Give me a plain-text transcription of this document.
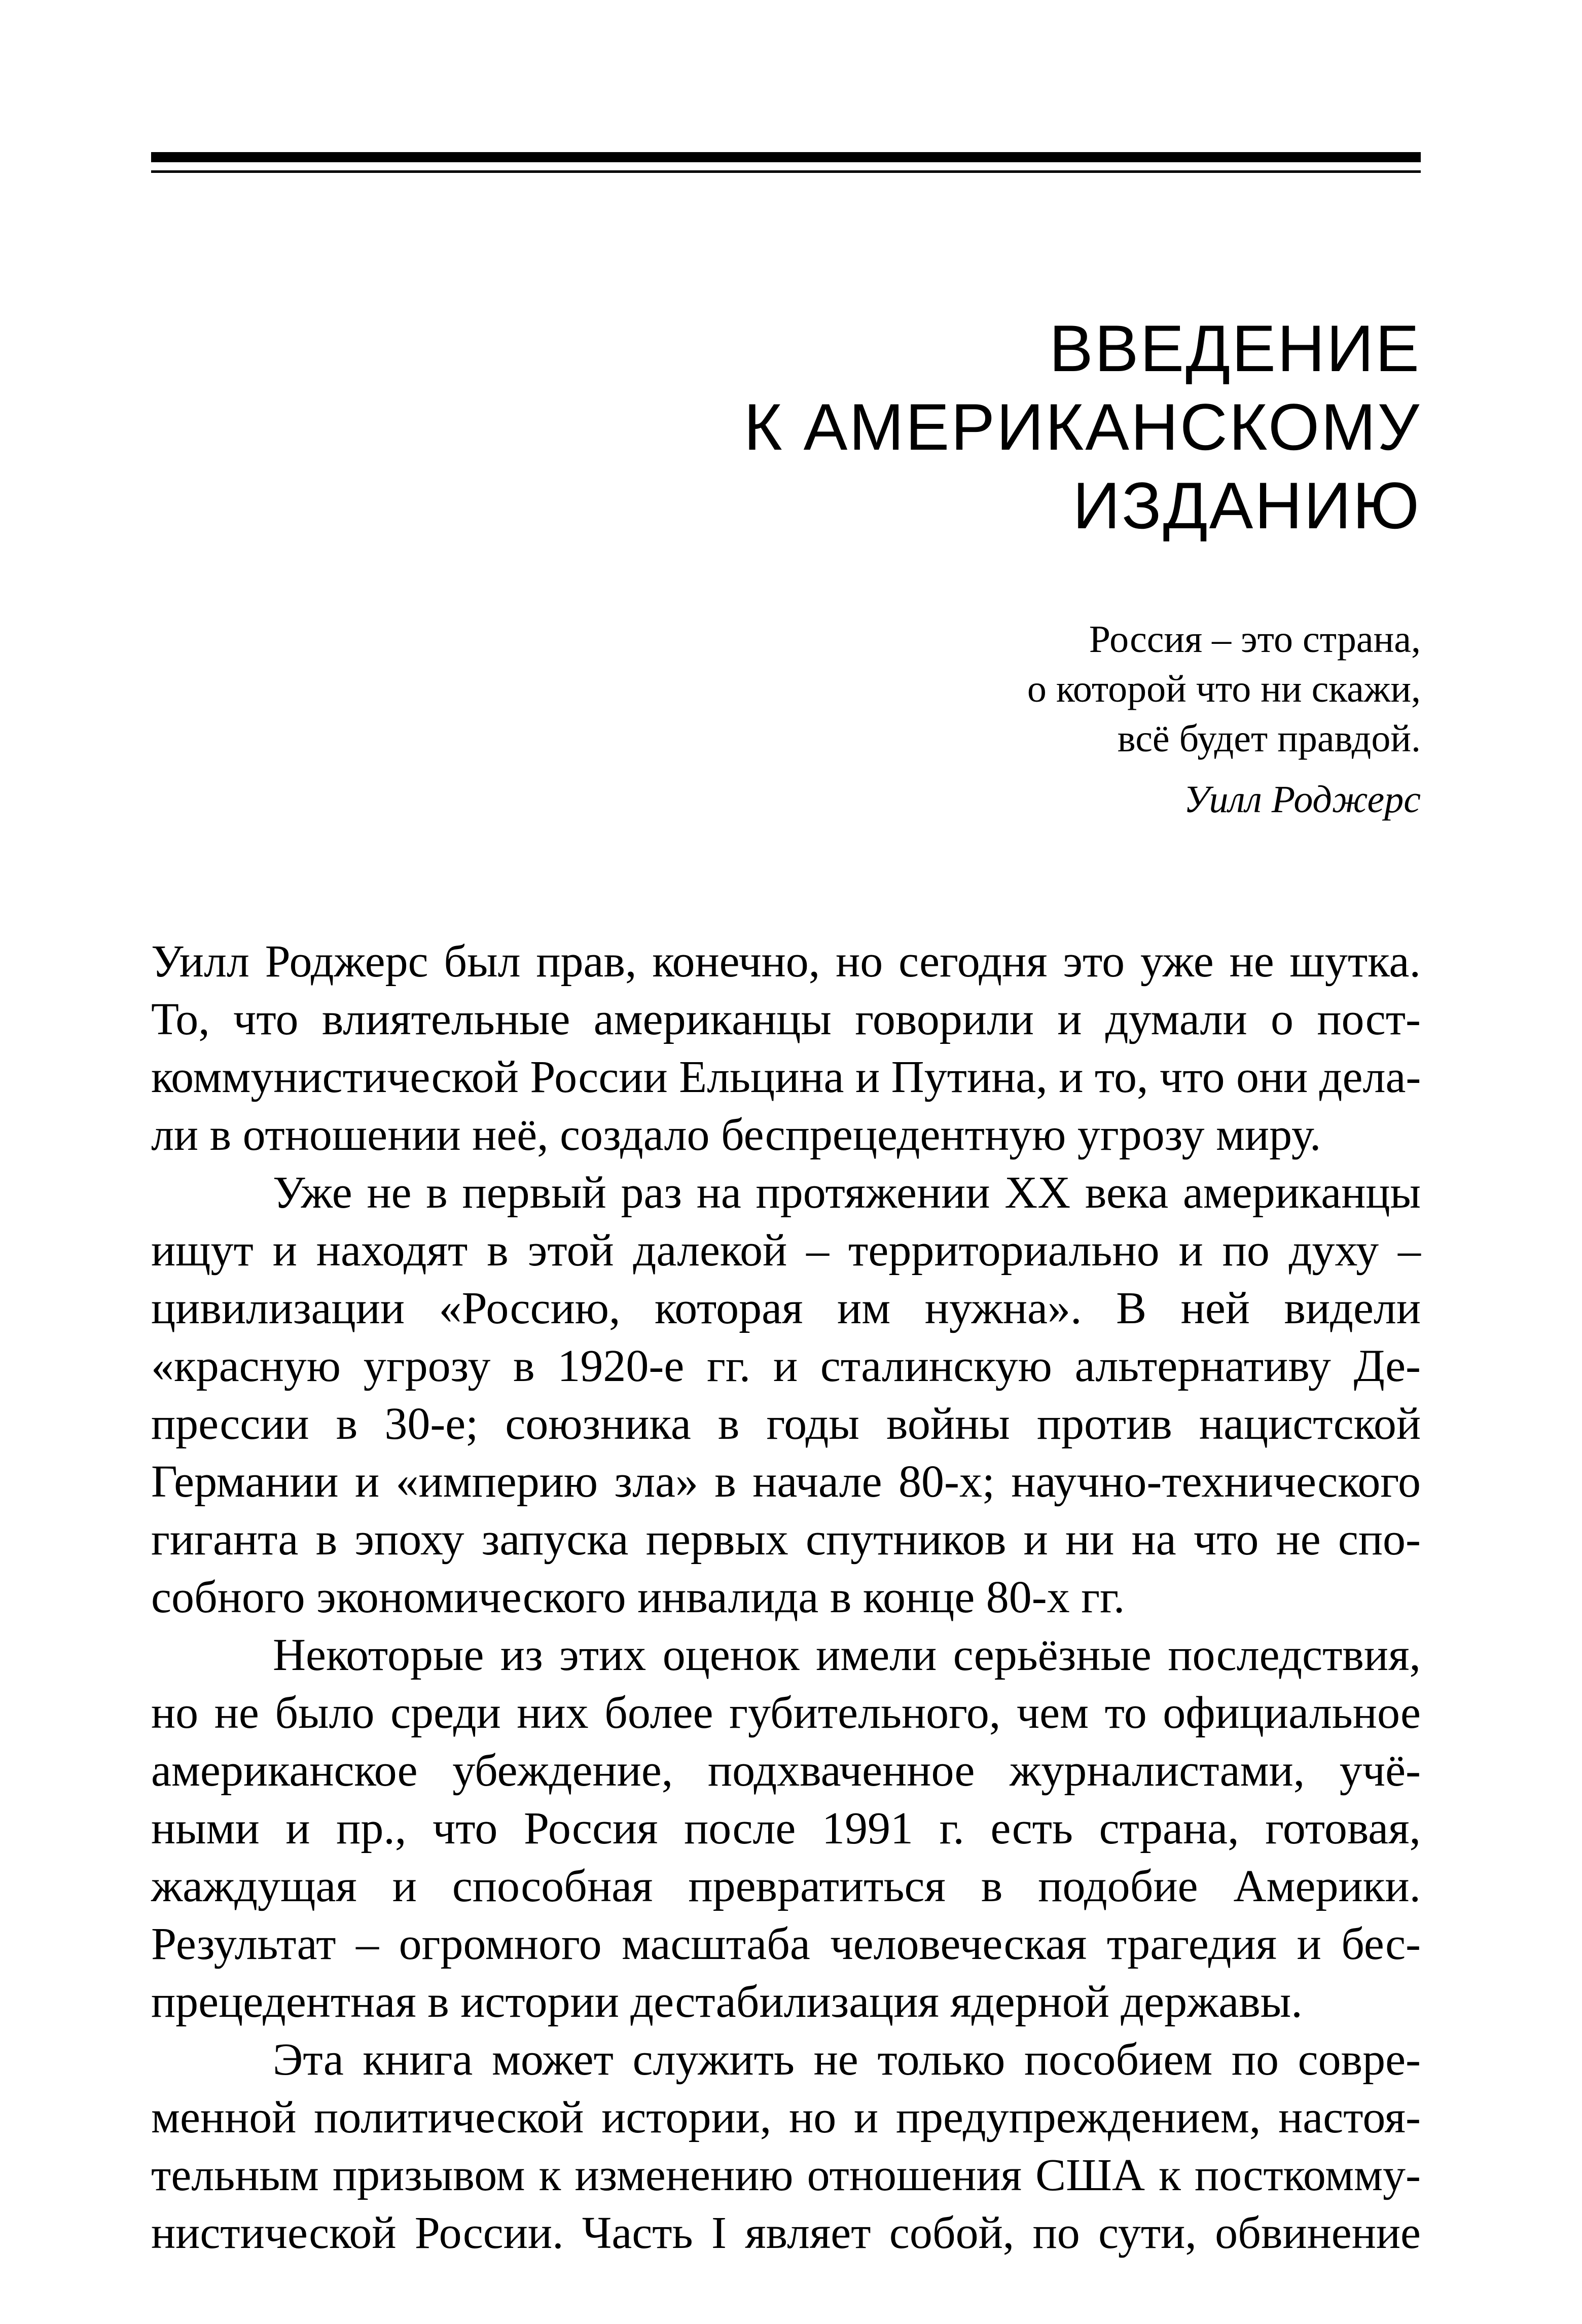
ВВЕДЕНИЕ
К АМЕРИКАНСКОМУ
ИЗДАНИЮ
Россия – это страна,
о которой что ни скажи,
всё будет правдой.
Уилл Роджерс
Уилл Роджерс был прав, конечно, но сегодня это уже не шутка.
То, что влиятельные американцы говорили и думали о пост-
коммунистической России Ельцина и Путина, и то, что они дела-
ли в отношении неё, создало беспрецедентную угрозу миру.
Уже не в первый раз на протяжении XX века американцы
ищут и находят в этой далекой – территориально и по духу –
цивилизации «Россию, которая им нужна». В ней видели
«красную угрозу в 1920-е гг. и сталинскую альтернативу Де-
прессии в 30-е; союзника в годы войны против нацистской
Германии и «империю зла» в начале 80-х; научно-технического
гиганта в эпоху запуска первых спутников и ни на что не спо-
собного экономического инвалида в конце 80-х гг.
Некоторые из этих оценок имели серьёзные последствия,
но не было среди них более губительного, чем то официальное
американское убеждение, подхваченное журналистами, учё-
ными и пр., что Россия после 1991 г. есть страна, готовая,
жаждущая и способная превратиться в подобие Америки.
Результат – огромного масштаба человеческая трагедия и бес-
прецедентная в истории дестабилизация ядерной державы.
Эта книга может служить не только пособием по совре-
менной политической истории, но и предупреждением, настоя-
тельным призывом к изменению отношения США к посткомму-
нистической России. Часть I являет собой, по сути, обвинение
